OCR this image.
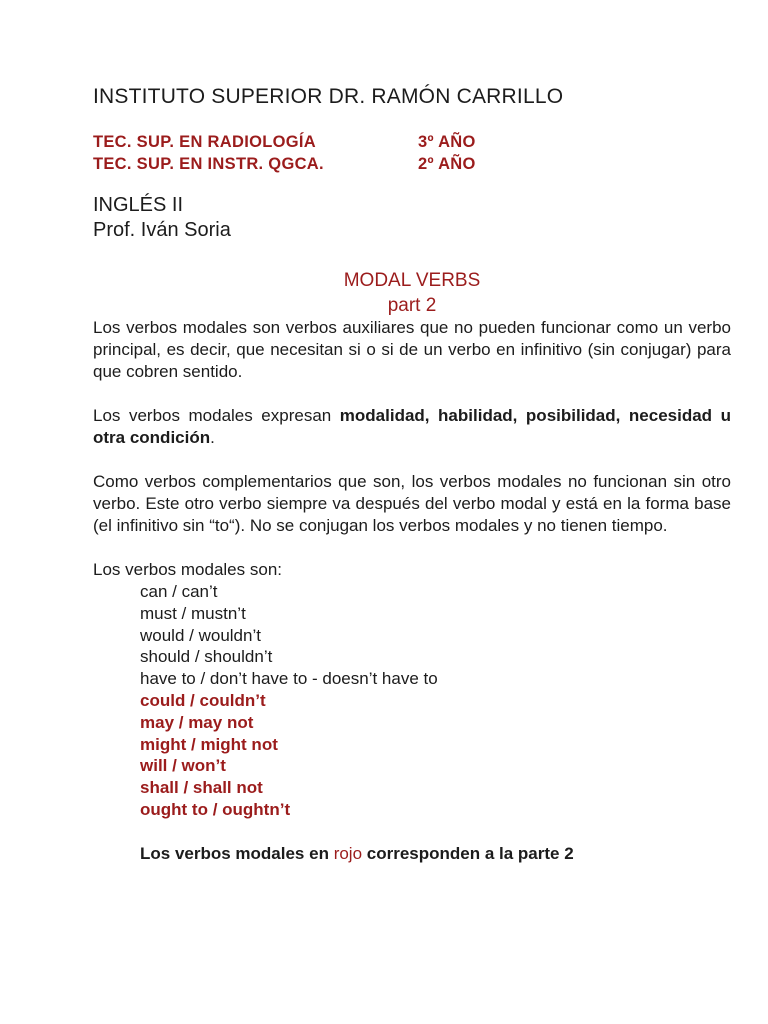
INSTITUTO SUPERIOR DR. RAMÓN CARRILLO
TEC. SUP. EN RADIOLOGÍA	3º AÑO
TEC. SUP. EN INSTR. QGCA.	2º AÑO
INGLÉS II
Prof. Iván Soria
MODAL VERBS
part 2

Los verbos modales son verbos auxiliares que no pueden funcionar como un verbo principal, es decir, que necesitan si o si de un verbo en infinitivo (sin conjugar) para que cobren sentido.

Los verbos modales expresan modalidad, habilidad, posibilidad, necesidad u otra condición.

Como verbos complementarios que son, los verbos modales no funcionan sin otro verbo. Este otro verbo siempre va después del verbo modal y está en la forma base (el infinitivo sin “to“). No se conjugan los verbos modales y no tienen tiempo.

Los verbos modales son:

can / can’t
must / mustn’t
would / wouldn’t
should / shouldn’t
have to / don’t have to - doesn’t have to
could / couldn’t
may / may not
might / might not
will / won’t
shall / shall not
ought to / oughtn’t

Los verbos modales en rojo corresponden a la parte 2
